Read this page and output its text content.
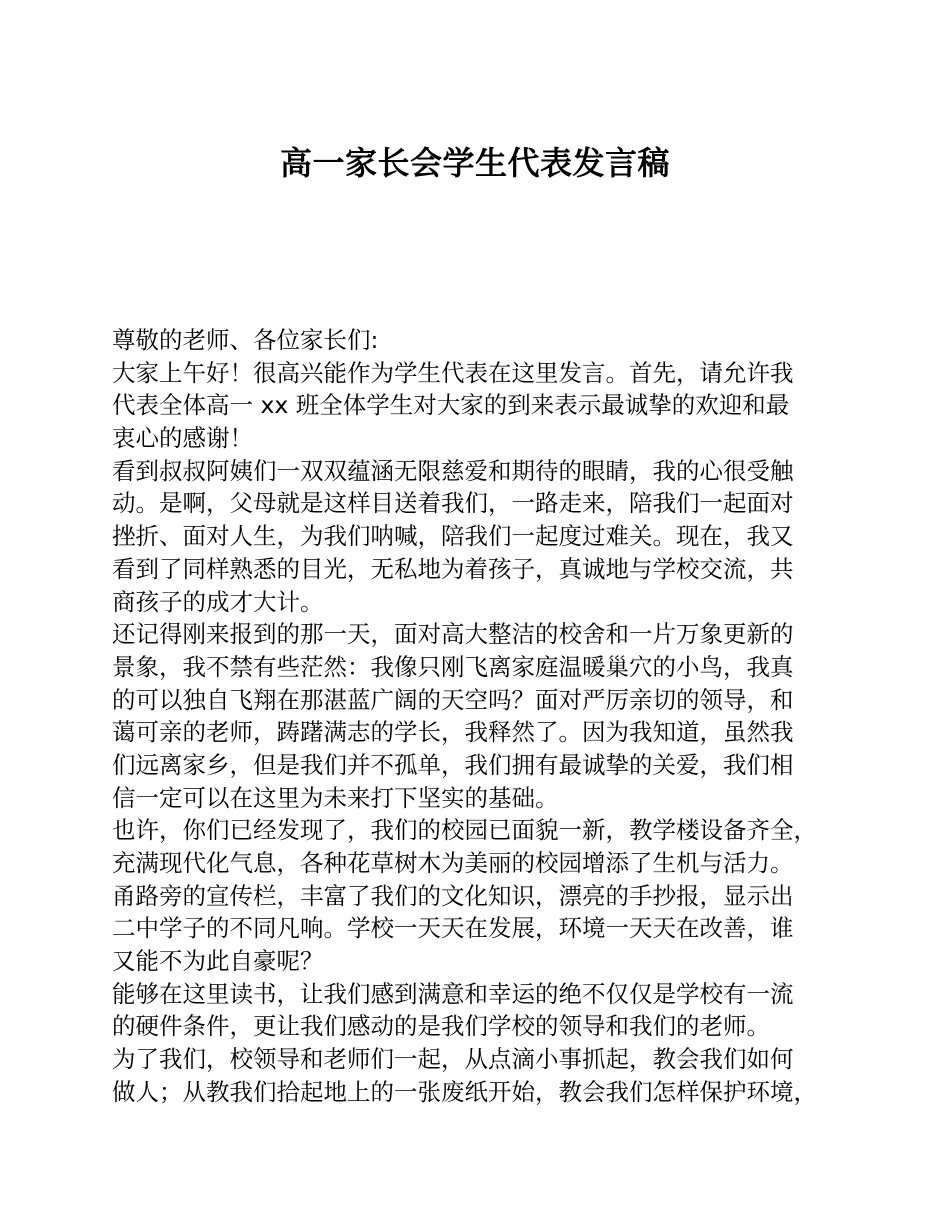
高一家长会学生代表发言稿
尊敬的老师、各位家长们:
大家上午好！很高兴能作为学生代表在这里发言。首先，请允许我
代表全体高一 xx 班全体学生对大家的到来表示最诚挚的欢迎和最
衷心的感谢！
看到叔叔阿姨们一双双蕴涵无限慈爱和期待的眼睛，我的心很受触
动。是啊，父母就是这样目送着我们，一路走来，陪我们一起面对
挫折、面对人生，为我们呐喊，陪我们一起度过难关。现在，我又
看到了同样熟悉的目光，无私地为着孩子，真诚地与学校交流，共
商孩子的成才大计。
还记得刚来报到的那一天，面对高大整洁的校舍和一片万象更新的
景象，我不禁有些茫然：我像只刚飞离家庭温暖巢穴的小鸟，我真
的可以独自飞翔在那湛蓝广阔的天空吗？面对严厉亲切的领导，和
蔼可亲的老师，踌躇满志的学长，我释然了。因为我知道，虽然我
们远离家乡，但是我们并不孤单，我们拥有最诚挚的关爱，我们相
信一定可以在这里为未来打下坚实的基础。
也许，你们已经发现了，我们的校园已面貌一新，教学楼设备齐全，
充满现代化气息，各种花草树木为美丽的校园增添了生机与活力。
甬路旁的宣传栏，丰富了我们的文化知识，漂亮的手抄报，显示出
二中学子的不同凡响。学校一天天在发展，环境一天天在改善，谁
又能不为此自豪呢？
能够在这里读书，让我们感到满意和幸运的绝不仅仅是学校有一流
的硬件条件，更让我们感动的是我们学校的领导和我们的老师。
为了我们，校领导和老师们一起，从点滴小事抓起，教会我们如何
做人；从教我们拾起地上的一张废纸开始，教会我们怎样保护环境，
